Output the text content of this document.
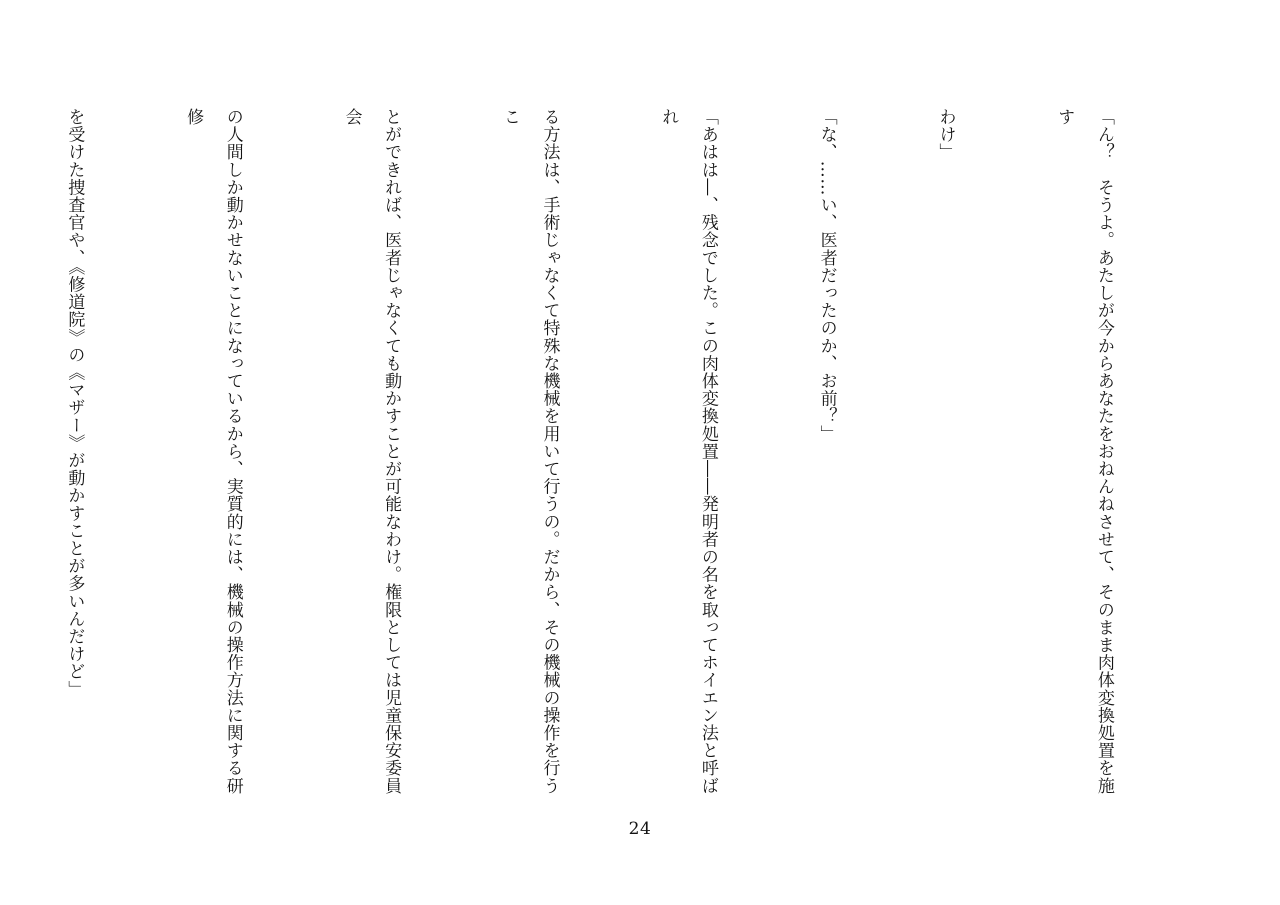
「ん？　そうよ。あたしが今からあなたをおねんねさせて、そのまま肉体変換処置を施す

わけ」

「な、……い、医者だったのか、お前？」

「あはは―、残念でした。この肉体変換処置――発明者の名を取ってホイエン法と呼ばれ

る方法は、手術じゃなくて特殊な機械を用いて行うの。だから、その機械の操作を行うこ

とができれば、医者じゃなくても動かすことが可能なわけ。権限としては児童保安委員会

の人間しか動かせないことになっているから、実質的には、機械の操作方法に関する研修

を受けた捜査官や、《修道院》の《マザー》が動かすことが多いんだけど」

24
